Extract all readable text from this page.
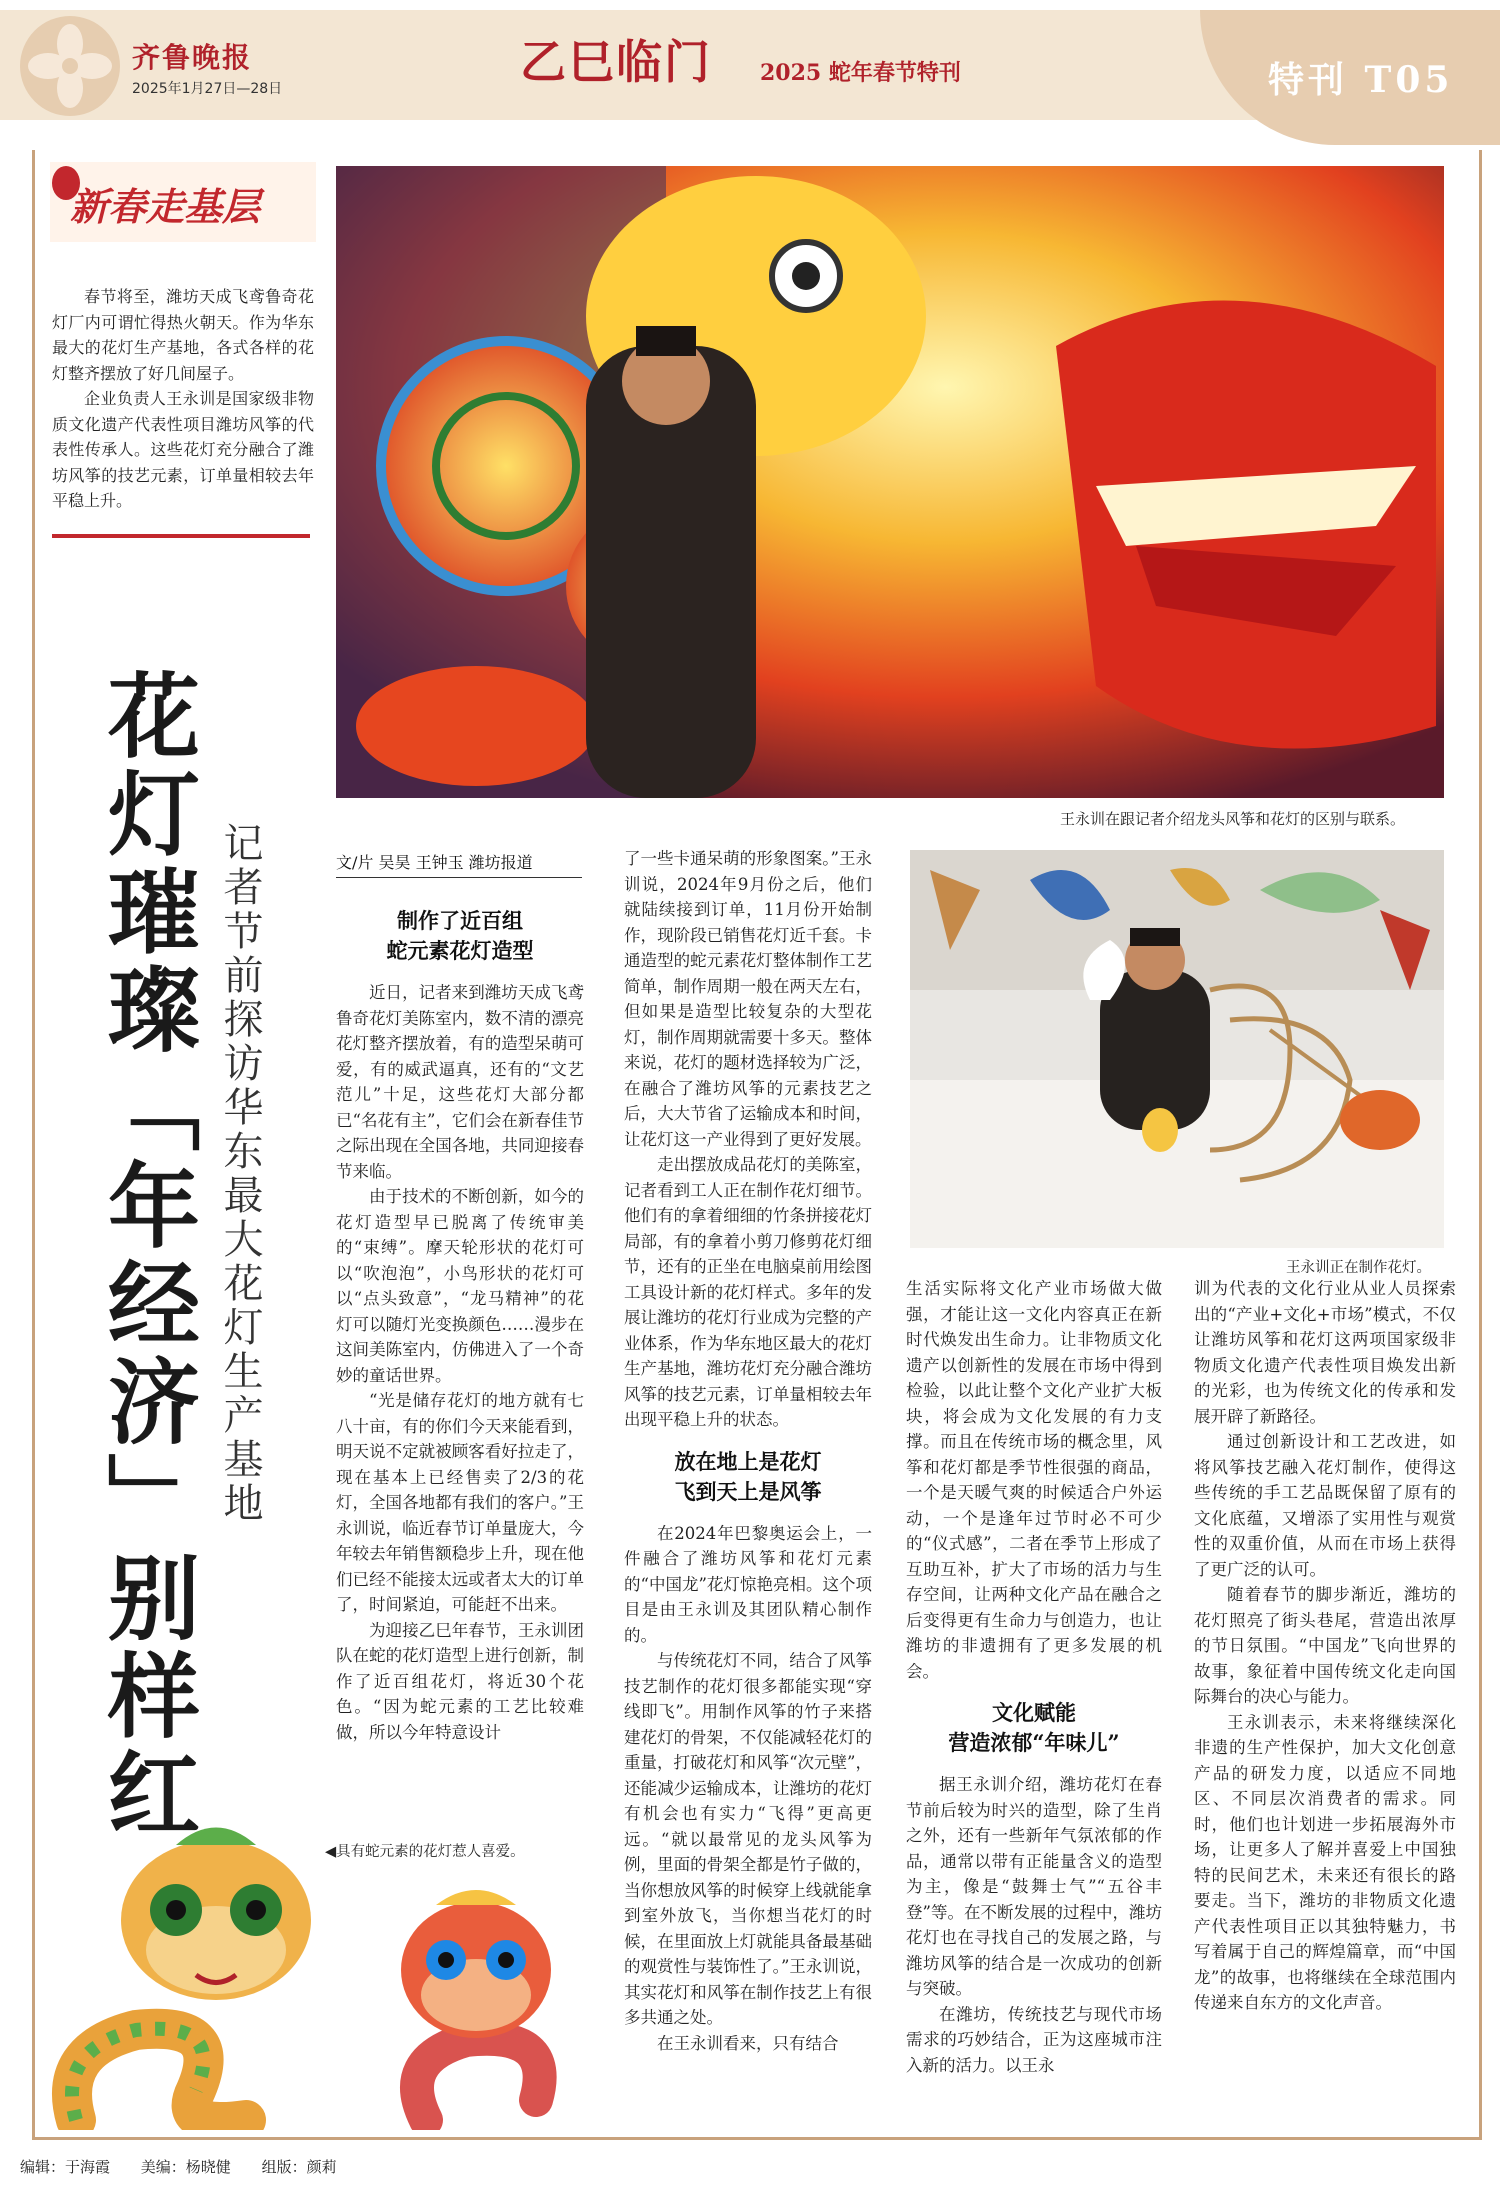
齐鲁晚报
2025年1月27日—28日	乙巳临门 2025 蛇年春节特刊	特刊 T05
新春走基层

春节将至，潍坊天成飞鸢鲁奇花灯厂内可谓忙得热火朝天。作为华东最大的花灯生产基地，各式各样的花灯整齐摆放了好几间屋子。

企业负责人王永训是国家级非物质文化遗产代表性项目潍坊风筝的代表性传承人。这些花灯充分融合了潍坊风筝的技艺元素，订单量相较去年平稳上升。

王永训在跟记者介绍龙头风筝和花灯的区别与联系。
花灯璀璨「年经济」别样红 记者节前探访华东最大花灯生产基地	文/片 吴昊 王钟玉 潍坊报道
制作了近百组
蛇元素花灯造型

近日，记者来到潍坊天成飞鸢鲁奇花灯美陈室内，数不清的漂亮花灯整齐摆放着，有的造型呆萌可爱，有的威武逼真，还有的“文艺范儿”十足，这些花灯大部分都已“名花有主”，它们会在新春佳节之际出现在全国各地，共同迎接春节来临。

由于技术的不断创新，如今的花灯造型早已脱离了传统审美的“束缚”。摩天轮形状的花灯可以“吹泡泡”，小鸟形状的花灯可以“点头致意”，“龙马精神”的花灯可以随灯光变换颜色……漫步在这间美陈室内，仿佛进入了一个奇妙的童话世界。

“光是储存花灯的地方就有七八十亩，有的你们今天来能看到，明天说不定就被顾客看好拉走了，现在基本上已经售卖了2/3的花灯，全国各地都有我们的客户。”王永训说，临近春节订单量庞大，今年较去年销售额稳步上升，现在他们已经不能接太远或者太大的订单了，时间紧迫，可能赶不出来。

为迎接乙巳年春节，王永训团队在蛇的花灯造型上进行创新，制作了近百组花灯，将近30个花色。“因为蛇元素的工艺比较难做，所以今年特意设计

了一些卡通呆萌的形象图案。”王永训说，2024年9月份之后，他们就陆续接到订单，11月份开始制作，现阶段已销售花灯近千套。卡通造型的蛇元素花灯整体制作工艺简单，制作周期一般在两天左右，但如果是造型比较复杂的大型花灯，制作周期就需要十多天。整体来说，花灯的题材选择较为广泛，在融合了潍坊风筝的元素技艺之后，大大节省了运输成本和时间，让花灯这一产业得到了更好发展。

走出摆放成品花灯的美陈室，记者看到工人正在制作花灯细节。他们有的拿着细细的竹条拼接花灯局部，有的拿着小剪刀修剪花灯细节，还有的正坐在电脑桌前用绘图工具设计新的花灯样式。多年的发展让潍坊的花灯行业成为完整的产业体系，作为华东地区最大的花灯生产基地，潍坊花灯充分融合潍坊风筝的技艺元素，订单量相较去年出现平稳上升的状态。

放在地上是花灯
飞到天上是风筝

在2024年巴黎奥运会上，一件融合了潍坊风筝和花灯元素的“中国龙”花灯惊艳亮相。这个项目是由王永训及其团队精心制作的。

与传统花灯不同，结合了风筝技艺制作的花灯很多都能实现“穿线即飞”。用制作风筝的竹子来搭建花灯的骨架，不仅能减轻花灯的重量，打破花灯和风筝“次元壁”，还能减少运输成本，让潍坊的花灯有机会也有实力“飞得”更高更远。“就以最常见的龙头风筝为例，里面的骨架全都是竹子做的，当你想放风筝的时候穿上线就能拿到室外放飞，当你想当花灯的时候，在里面放上灯就能具备最基础的观赏性与装饰性了。”王永训说，其实花灯和风筝在制作技艺上有很多共通之处。

在王永训看来，只有结合

王永训正在制作花灯。

生活实际将文化产业市场做大做强，才能让这一文化内容真正在新时代焕发出生命力。让非物质文化遗产以创新性的发展在市场中得到检验，以此让整个文化产业扩大板块，将会成为文化发展的有力支撑。而且在传统市场的概念里，风筝和花灯都是季节性很强的商品，一个是天暖气爽的时候适合户外运动，一个是逢年过节时必不可少的“仪式感”，二者在季节上形成了互助互补，扩大了市场的活力与生存空间，让两种文化产品在融合之后变得更有生命力与创造力，也让潍坊的非遗拥有了更多发展的机会。

文化赋能
营造浓郁“年味儿”

据王永训介绍，潍坊花灯在春节前后较为时兴的造型，除了生肖之外，还有一些新年气氛浓郁的作品，通常以带有正能量含义的造型为主，像是“鼓舞士气”“五谷丰登”等。在不断发展的过程中，潍坊花灯也在寻找自己的发展之路，与潍坊风筝的结合是一次成功的创新与突破。

在潍坊，传统技艺与现代市场需求的巧妙结合，正为这座城市注入新的活力。以王永

训为代表的文化行业从业人员探索出的“产业+文化+市场”模式，不仅让潍坊风筝和花灯这两项国家级非物质文化遗产代表性项目焕发出新的光彩，也为传统文化的传承和发展开辟了新路径。

通过创新设计和工艺改进，如将风筝技艺融入花灯制作，使得这些传统的手工艺品既保留了原有的文化底蕴，又增添了实用性与观赏性的双重价值，从而在市场上获得了更广泛的认可。

随着春节的脚步渐近，潍坊的花灯照亮了街头巷尾，营造出浓厚的节日氛围。“中国龙”飞向世界的故事，象征着中国传统文化走向国际舞台的决心与能力。

王永训表示，未来将继续深化非遗的生产性保护，加大文化创意产品的研发力度，以适应不同地区、不同层次消费者的需求。同时，他们也计划进一步拓展海外市场，让更多人了解并喜爱上中国独特的民间艺术，未来还有很长的路要走。当下，潍坊的非物质文化遗产代表性项目正以其独特魅力，书写着属于自己的辉煌篇章，而“中国龙”的故事，也将继续在全球范围内传递来自东方的文化声音。

◀具有蛇元素的花灯惹人喜爱。
编辑：于海霞 美编：杨晓健 组版：颜莉
